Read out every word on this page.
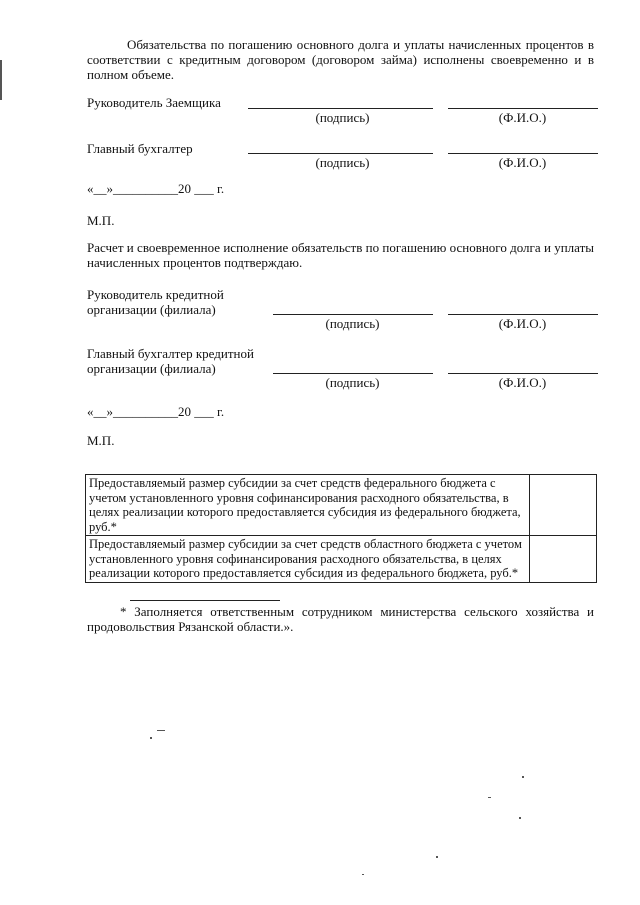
Обязательства по погашению основного долга и уплаты начисленных процентов в соответствии с кредитным договором (договором займа) исполнены своевременно и в полном объеме.
Руководитель Заемщика
(подпись)	(Ф.И.О.)
Главный бухгалтер
(подпись)	(Ф.И.О.)
«__»__________20 ___ г.
М.П.
Расчет и своевременное исполнение обязательств по погашению основного долга и уплаты начисленных процентов подтверждаю.
Руководитель кредитной
организации (филиала)
(подпись)	(Ф.И.О.)
Главный бухгалтер кредитной
организации (филиала)
(подпись)	(Ф.И.О.)
«__»__________20 ___ г.
М.П.
Предоставляемый размер субсидии за счет средств федерального бюджета с учетом установленного уровня софинансирования расходного обязательства, в целях реализации которого предоставляется субсидия из федерального бюджета, руб.*	
Предоставляемый размер субсидии за счет средств областного бюджета с учетом установленного уровня софинансирования расходного обязательства, в целях реализации которого предоставляется субсидия из федерального бюджета, руб.*	
* Заполняется ответственным сотрудником министерства сельского хозяйства и продовольствия Рязанской области.».
